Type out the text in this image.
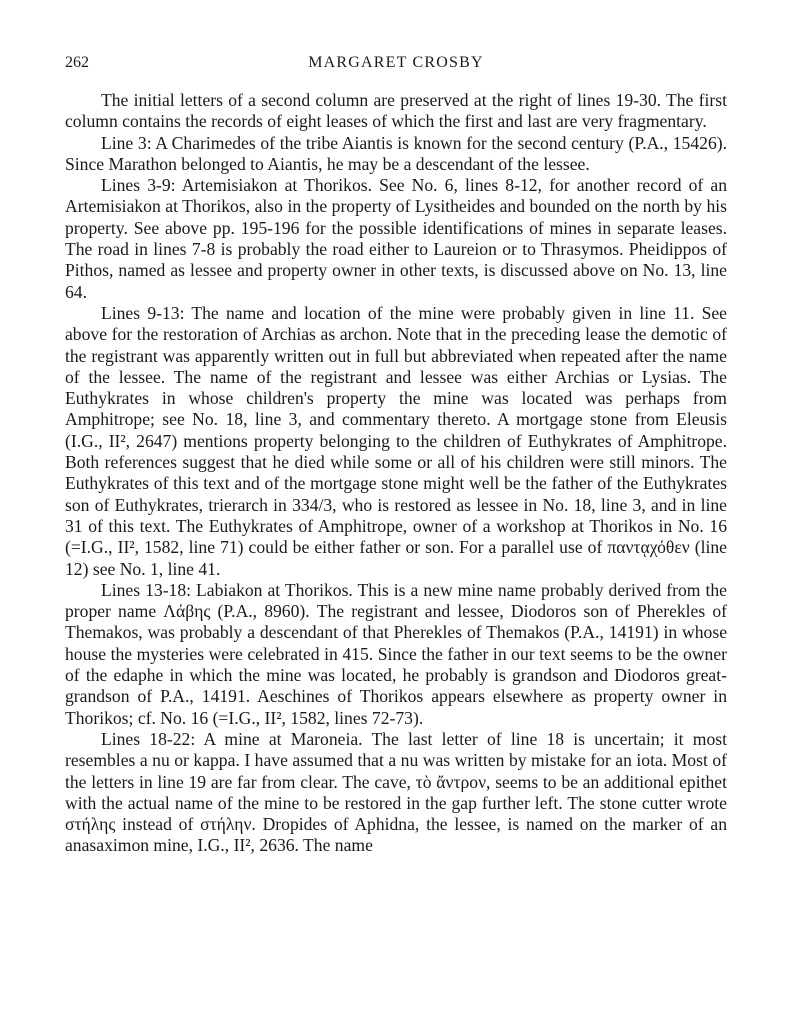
262	MARGARET CROSBY

The initial letters of a second column are preserved at the right of lines 19-30. The first column contains the records of eight leases of which the first and last are very fragmentary.

Line 3: A Charimedes of the tribe Aiantis is known for the second century (P.A., 15426). Since Marathon belonged to Aiantis, he may be a descendant of the lessee.

Lines 3-9: Artemisiakon at Thorikos. See No. 6, lines 8-12, for another record of an Artemisiakon at Thorikos, also in the property of Lysitheides and bounded on the north by his property. See above pp. 195-196 for the possible identifications of mines in separate leases. The road in lines 7-8 is probably the road either to Laureion or to Thrasymos. Pheidippos of Pithos, named as lessee and property owner in other texts, is discussed above on No. 13, line 64.

Lines 9-13: The name and location of the mine were probably given in line 11. See above for the restoration of Archias as archon. Note that in the preceding lease the demotic of the registrant was apparently written out in full but abbreviated when repeated after the name of the lessee. The name of the registrant and lessee was either Archias or Lysias. The Euthykrates in whose children's property the mine was located was perhaps from Amphitrope; see No. 18, line 3, and commentary thereto. A mortgage stone from Eleusis (I.G., II², 2647) mentions property belonging to the children of Euthykrates of Amphitrope. Both references suggest that he died while some or all of his children were still minors. The Euthykrates of this text and of the mortgage stone might well be the father of the Euthykrates son of Euthykrates, trierarch in 334/3, who is restored as lessee in No. 18, line 3, and in line 31 of this text. The Euthykrates of Amphitrope, owner of a workshop at Thorikos in No. 16 (=I.G., II², 1582, line 71) could be either father or son. For a parallel use of παντᾳχόθεν (line 12) see No. 1, line 41.

Lines 13-18: Labiakon at Thorikos. This is a new mine name probably derived from the proper name Λάβης (P.A., 8960). The registrant and lessee, Diodoros son of Pherekles of Themakos, was probably a descendant of that Pherekles of Themakos (P.A., 14191) in whose house the mysteries were celebrated in 415. Since the father in our text seems to be the owner of the edaphe in which the mine was located, he probably is grandson and Diodoros great-grandson of P.A., 14191. Aeschines of Thorikos appears elsewhere as property owner in Thorikos; cf. No. 16 (=I.G., II², 1582, lines 72-73).

Lines 18-22: A mine at Maroneia. The last letter of line 18 is uncertain; it most resembles a nu or kappa. I have assumed that a nu was written by mistake for an iota. Most of the letters in line 19 are far from clear. The cave, τὸ ἄντρον, seems to be an additional epithet with the actual name of the mine to be restored in the gap further left. The stone cutter wrote στήλης instead of στήλην. Dropides of Aphidna, the lessee, is named on the marker of an anasaximon mine, I.G., II², 2636. The name
